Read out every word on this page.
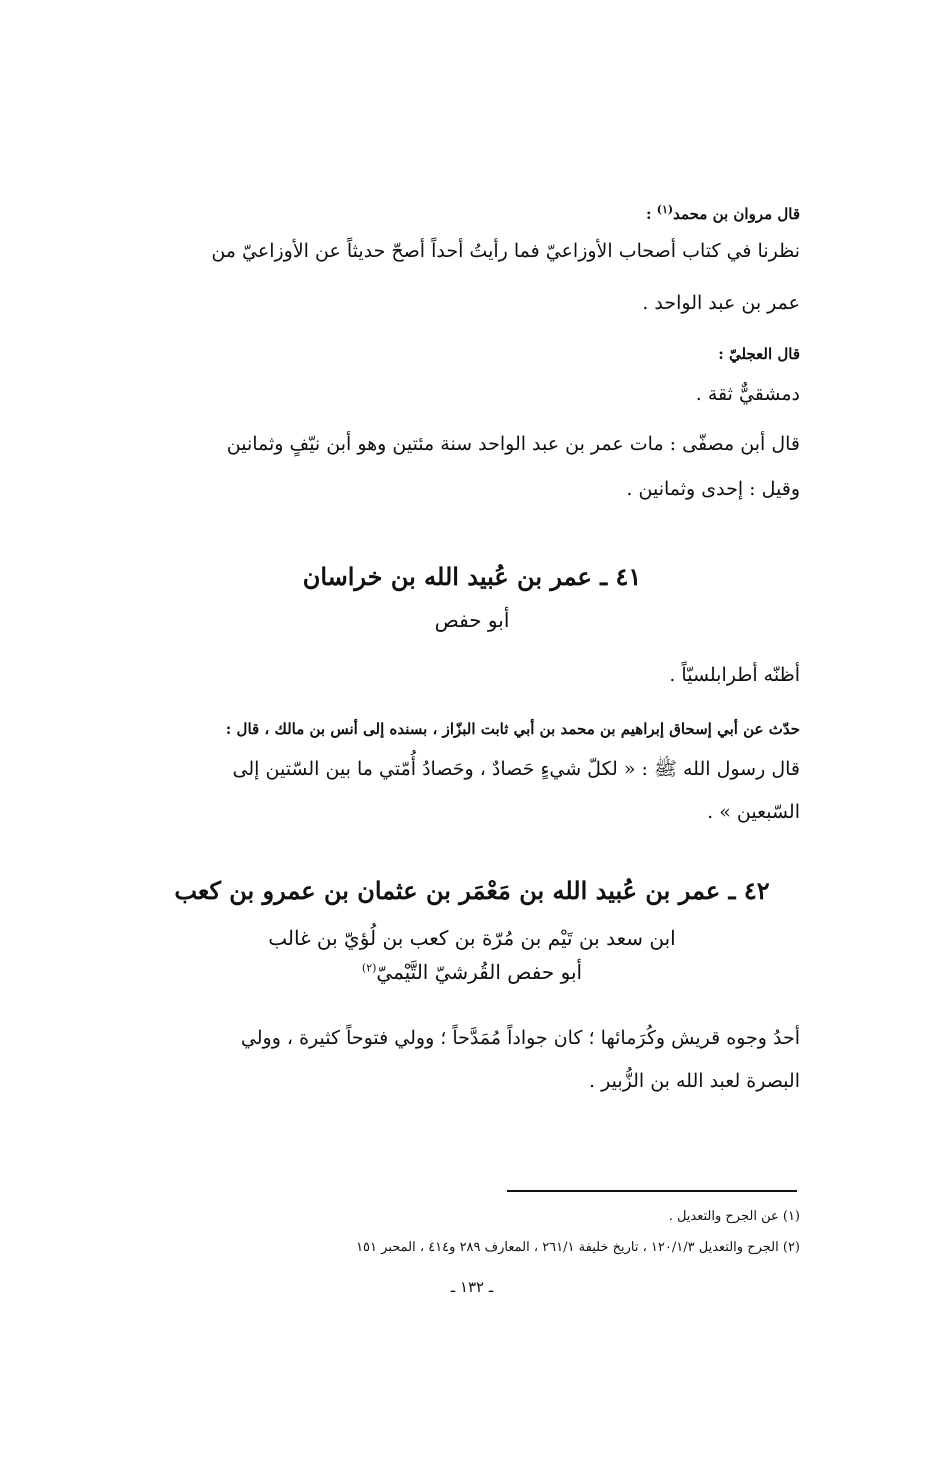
قال مروان بن محمد$^{(١)}$ :

نظرنا في كتاب أصحاب الأوزاعيّ فما رأيتُ أحداً أصحّ حديثاً عن الأوزاعيّ من

عمر بن عبد الواحد .

قال العجليّ :

دمشقيٌّ ثقة .

قال أبن مصفّى : مات عمر بن عبد الواحد سنة مئتين وهو أبن نيّفٍ وثمانين

وقيل : إحدى وثمانين .

٤١ ـ عمر بن عُبيد الله بن خراسان

أبو حفص

أظنّه أطرابلسيّاً .

حدّث عن أبي إسحاق إبراهيم بن محمد بن أبي ثابت البزّاز ، بسنده إلى أنس بن مالك ، قال :

قال رسول الله ﷺ : « لكلّ شيءٍ حَصادٌ ، وحَصادُ أُمّتي ما بين السّتين إلى

السّبعين » .

٤٢ ـ عمر بن عُبيد الله بن مَعْمَر بن عثمان بن عمرو بن كعب

ابن سعد بن تَيْم بن مُرّة بن كعب بن لُؤيّ بن غالب

أبو حفص القُرشيّ التَّيْميّ$^{(٢)}$

أحدُ وجوه قريش وكُرَمائها ؛ كان جواداً مُمَدَّحاً ؛ وولي فتوحاً كثيرة ، وولي

البصرة لعبد الله بن الزُّبير .

(١) عن الجرح والتعديل .

(٢) الجرح والتعديل ١٢٠/١/٣ ، تاريخ خليفة ٢٦١/١ ، المعارف ٢٨٩ و٤١٤ ، المحبر ١٥١

ـ ١٣٢ ـ
